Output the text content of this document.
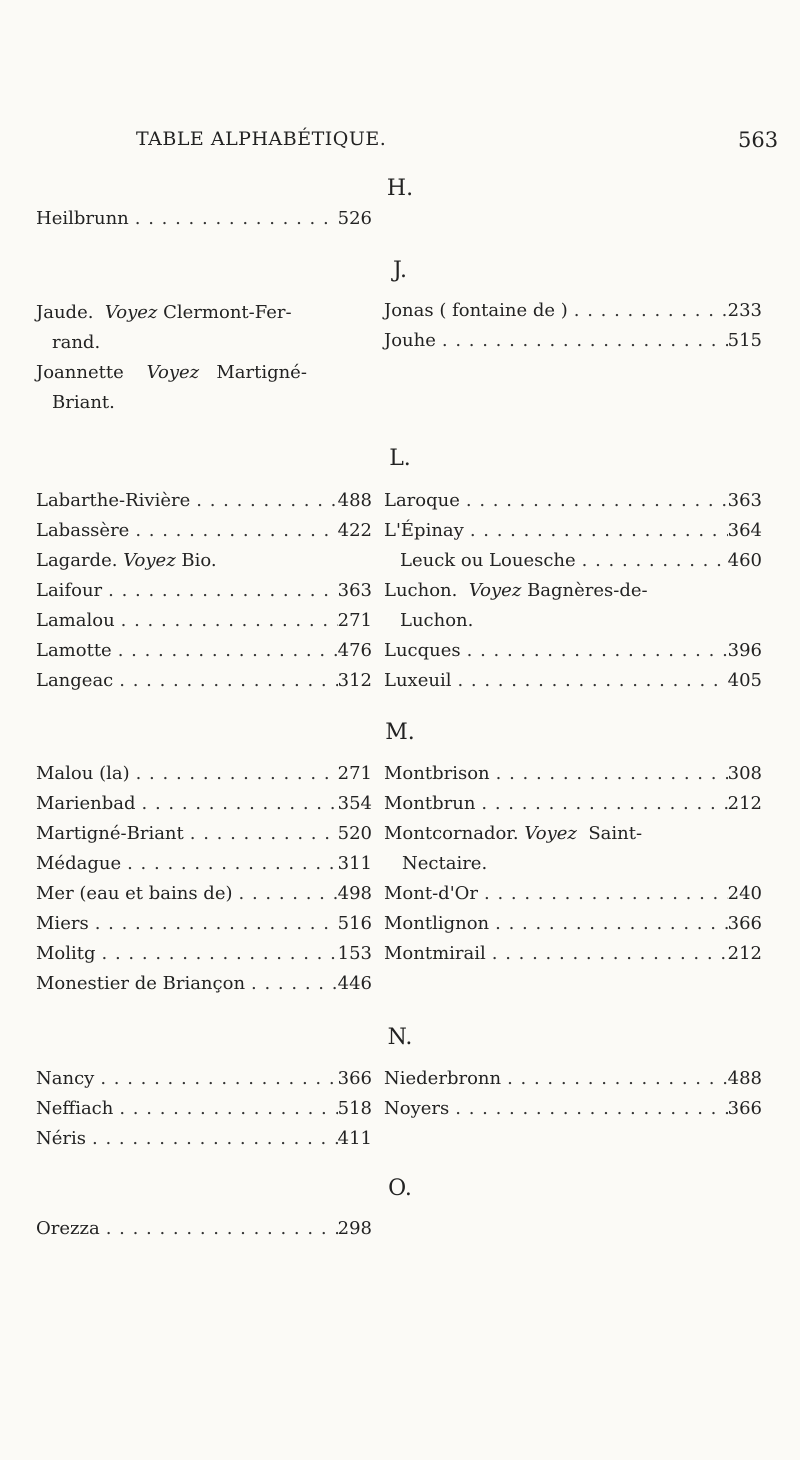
TABLE ALPHABÉTIQUE.	563
H.
Heilbrunn . . .	526
J.
Jaude. Voyez Clermont-Fer-
rand.
Joannette Voyez Martigné-
Briant.
Jonas ( fontaine de ) . . .	233
Jouhe . . .	515
L.
Labarthe-Rivière . . .	488
Labassère . . .	422
Lagarde. Voyez Bio.
Laifour . . .	363
Lamalou . . .	271
Lamotte . . .	476
Langeac . . .	312
Laroque . . .	363
L'Épinay . . .	364
Leuck ou Louesche . . .	460
Luchon. Voyez Bagnères-de-
Luchon.
Lucques . . .	396
Luxeuil . . .	405
M.
Malou (la) . . .	271
Marienbad . . .	354
Martigné-Briant . . .	520
Médague . . .	311
Mer (eau et bains de) . . .	498
Miers . . .	516
Molitg . . .	153
Monestier de Briançon . . .	446
Montbrison . . .	308
Montbrun . . .	212
Montcornador. Voyez Saint-
Nectaire.
Mont-d'Or . . .	240
Montlignon . . .	366
Montmirail . . .	212
N.
Nancy . . .	366
Neffiach . . .	518
Néris . . .	411
Niederbronn . . .	488
Noyers . . .	366
O.
Orezza . . .	298
